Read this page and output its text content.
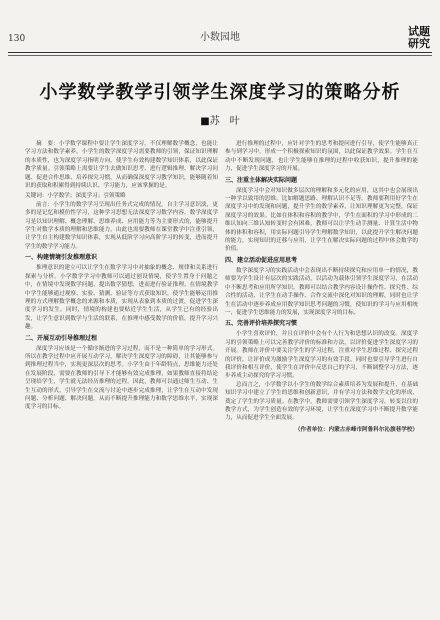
130	小数园地	试题
研究
小学数学教学引领学生深度学习的策略分析
■苏　叶

摘　要：小学数学课程中要让学生深度学习，不仅理解数学概念，也能让学习方法和数学素养。小学生的数学深度学习需要教师的引领，保证知识理解的本质性，也为深度学习指明方向，使学生有效构建数学知识体系，以此保证教学质量。引领策略上需要让学生去做知识思考、进行逻辑推理、解决学习问题、促进合作思维、培养探究习惯，从而确保深度学习教学知识，能够随着知识的获取和积累得到持续认识、学习能力，应该掌握的是。

关键词：小学数学；深度学习；引领策略

前言：小学生的数学学习呈现出任务式完成的情况，自主学习意识淡，更多的是记忆和模仿性学习，这种学习思想无法深度学习数学内容。数学深度学习是以知识理解、概念理解、思维养成、应用能力等为主要形式的，能够提升学生对数学本质的理解和思维能力，由此也需要教师在课堂教学中注重引领，让学生自主构建数学知识体系，实现从低阶学习向高阶学习的转变，进而提升学生的数学学习能力。

一、构建情境引发推理意识

推理意识的建立可以让学生在数学学习中对抽象的概念、规律和关系进行探索与分析。小学数学学习中教师可以通过创设情境，使学生置身于问题之中，在情境中发现数学问题、提出数学猜想，进而进行验证推理。在情境教学中学生能够通过观察、实验、猜测、验证等方式获取知识，使学生能够运用推理的方式理解数学概念的来源和本质，实现从表象到本质的过渡，促进学生深度学习的发生。同时，情境的构建也要贴近学生生活，从学生已有的经验出发，让学生意识到数学与生活的联系，在推理中感受数学的价值，提升学习兴趣。

二、开展互动引导推理过程

深度学习应该是一个循序渐进的学习过程，而不是一种简单的学习形式。所以在教学过程中应开展互动学习，解决学生深度学习的障碍，让其能够参与到推理过程当中，实现更深层次的思考。小学生由于年龄特点，思维能力还处在发展阶段，需要在教师的引导下才能够有效完成推理，如果教师直接将结论呈现给学生，学生就无法经历推理的过程。因此，教师可以通过师生互动、生生互动的形式，引导学生在交流与讨论中逐步完成推理，让学生在互动中发现问题、分析问题、解决问题，从而不断提升推理能力和数学思维水平，实现深度学习的目标。

进行推理的过程中，应针对学生的思考和提问进行引导，使学生能够真正参与到学习中，形成一个积极探索知识的氛围，以此保证教学效果。学生在互动中不断发现问题，也让学生能够在推理的过程中收获知识，提升推理的能力，促进学生深度学习的开展。

三、注重主体解决实际问题

深度学习中会对知识做多层次的理解和多元化的应用，这其中也会展现出一种学以致用的思维，比如解题思路、理解认识不足等。教师要利用好学生在深度学习中的发现和问题，提升学生的数学素养，让知识理解更为完整，保证深度学习的效果。比如在体积和容积的教学中，学生在面积的学习中形成的二维认知向三维认知转变时会有困难，教师可以让学生动手测量、计算生活中物体的体积和容积，用实际问题引导学生理解数学知识，以此提升学生解决问题的能力，实现知识的迁移与应用，让学生在解决实际问题的过程中体会数学的价值。

四、建立活动促进应用思考

数学深度学习的实践活动中会表现出不断持续探究和应用单一的情况，教师要为学生设计有层次的实践活动，以活动为载体引领学生深度学习，在活动中不断思考和应用所学知识。教师可以结合教学内容设计操作性、探究性、综合性的活动，让学生在动手操作、合作交流中深化对知识的理解，同时也让学生在活动中逐步养成应用数学知识思考问题的习惯，使知识的学习与应用相统一，促进学生思维能力的发展，实现深度学习的目标。

五、完善评价培养探究习惯

小学生喜欢评价，并且在评价中会有个人行为和思想认识的改变。深度学习的引领策略上可以完善教学评价的标准和方法，以评价促进学生深度学习的开展。教师在评价中要关注学生的学习过程，注重对学生思维过程、探究过程的评价，让评价成为激励学生深度学习的有效手段。同时也要引导学生进行自我评价和相互评价，使学生在评价中反思自己的学习，不断调整学习方法，逐步养成主动探究的学习习惯。

总而言之，小学数学以小学生的数学综合素质培养为发展和提升，在基础知识学习中建立了学生的思维和创新意识，并有学习方法和数学文化的形成，奠定了学生的学习质量。在教学中，教师需要引领学生深度学习，转变以往的教学方式，为学生创造有效的学习环境，让学生在深度学习中不断提升数学能力，从而促进学生全面发展。

（作者单位：内蒙古赤峰市阿鲁科尔沁旗巷学校）
